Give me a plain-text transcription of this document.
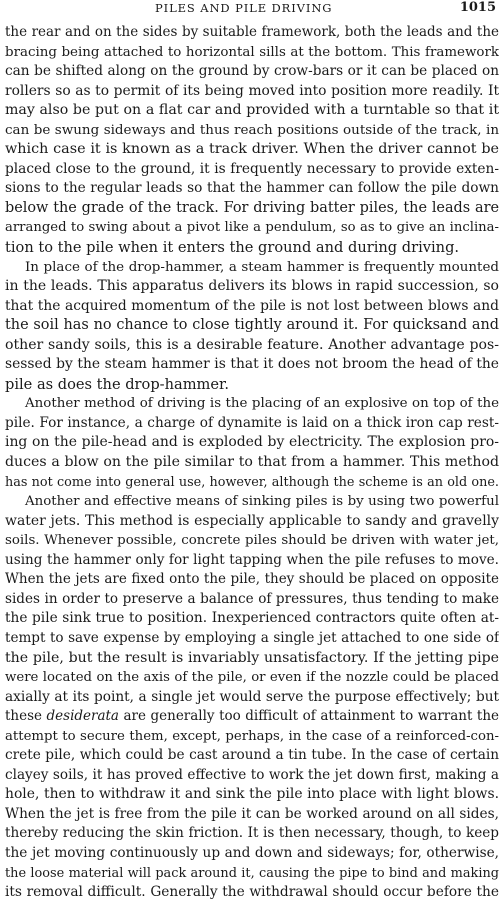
PILES AND PILE DRIVING	1015
the rear and on the sides by suitable framework, both the leads and the
bracing being attached to horizontal sills at the bottom. This framework
can be shifted along on the ground by crow-bars or it can be placed on
rollers so as to permit of its being moved into position more readily. It
may also be put on a flat car and provided with a turntable so that it
can be swung sideways and thus reach positions outside of the track, in
which case it is known as a track driver. When the driver cannot be
placed close to the ground, it is frequently necessary to provide exten-
sions to the regular leads so that the hammer can follow the pile down
below the grade of the track. For driving batter piles, the leads are
arranged to swing about a pivot like a pendulum, so as to give an inclina-
tion to the pile when it enters the ground and during driving.
In place of the drop-hammer, a steam hammer is frequently mounted
in the leads. This apparatus delivers its blows in rapid succession, so
that the acquired momentum of the pile is not lost between blows and
the soil has no chance to close tightly around it. For quicksand and
other sandy soils, this is a desirable feature. Another advantage pos-
sessed by the steam hammer is that it does not broom the head of the
pile as does the drop-hammer.
Another method of driving is the placing of an explosive on top of the
pile. For instance, a charge of dynamite is laid on a thick iron cap rest-
ing on the pile-head and is exploded by electricity. The explosion pro-
duces a blow on the pile similar to that from a hammer. This method
has not come into general use, however, although the scheme is an old one.
Another and effective means of sinking piles is by using two powerful
water jets. This method is especially applicable to sandy and gravelly
soils. Whenever possible, concrete piles should be driven with water jet,
using the hammer only for light tapping when the pile refuses to move.
When the jets are fixed onto the pile, they should be placed on opposite
sides in order to preserve a balance of pressures, thus tending to make
the pile sink true to position. Inexperienced contractors quite often at-
tempt to save expense by employing a single jet attached to one side of
the pile, but the result is invariably unsatisfactory. If the jetting pipe
were located on the axis of the pile, or even if the nozzle could be placed
axially at its point, a single jet would serve the purpose effectively; but
these desiderata are generally too difficult of attainment to warrant the
attempt to secure them, except, perhaps, in the case of a reinforced-con-
crete pile, which could be cast around a tin tube. In the case of certain
clayey soils, it has proved effective to work the jet down first, making a
hole, then to withdraw it and sink the pile into place with light blows.
When the jet is free from the pile it can be worked around on all sides,
thereby reducing the skin friction. It is then necessary, though, to keep
the jet moving continuously up and down and sideways; for, otherwise,
the loose material will pack around it, causing the pipe to bind and making
its removal difficult. Generally the withdrawal should occur before the
